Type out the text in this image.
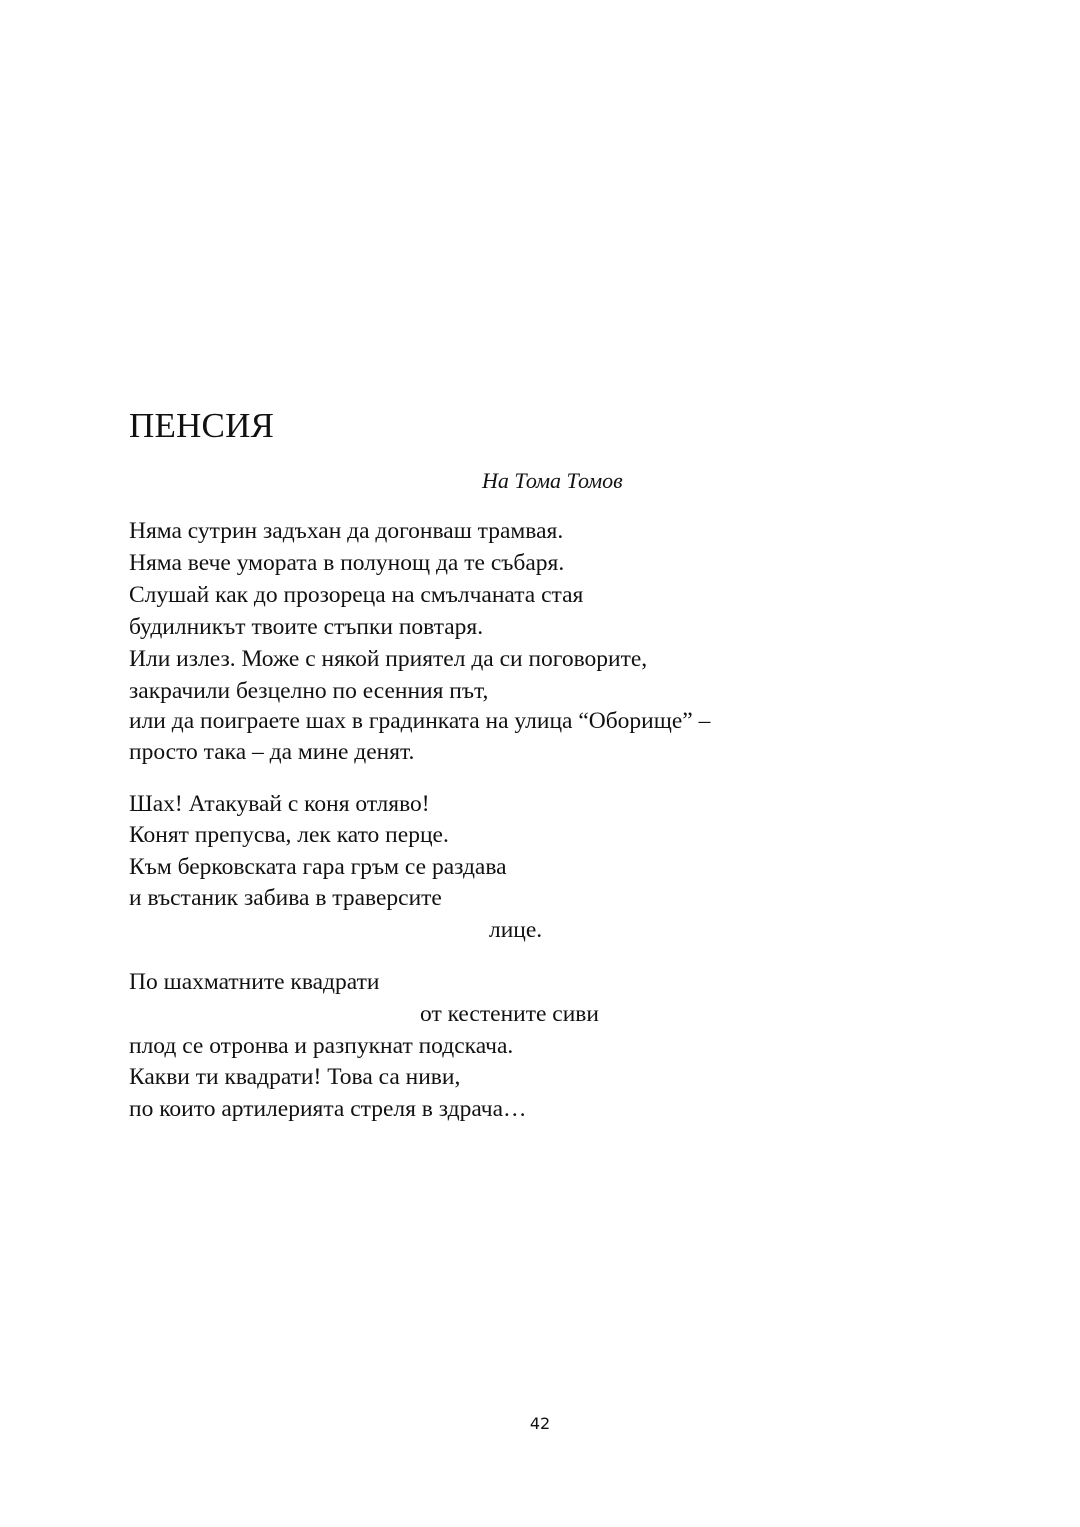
ПЕНСИЯ
На Тома Томов
Няма сутрин задъхан да догонваш трамвая.
Няма вече умората в полунощ да те събаря.
Слушай как до прозореца на смълчаната стая
будилникът твоите стъпки повтаря.
Или излез. Може с някой приятел да си поговорите,
закрачили безцелно по есенния път,
или да поиграете шах в градинката на улица “Оборище” –
просто така – да мине денят.
Шах! Атакувай с коня отляво!
Конят препусва, лек като перце.
Към берковската гара гръм се раздава
и въстаник забива в траверсите
лице.
По шахматните квадрати
от кестените сиви
плод се отронва и разпукнат подскача.
Какви ти квадрати! Това са ниви,
по които артилерията стреля в здрача…
42
